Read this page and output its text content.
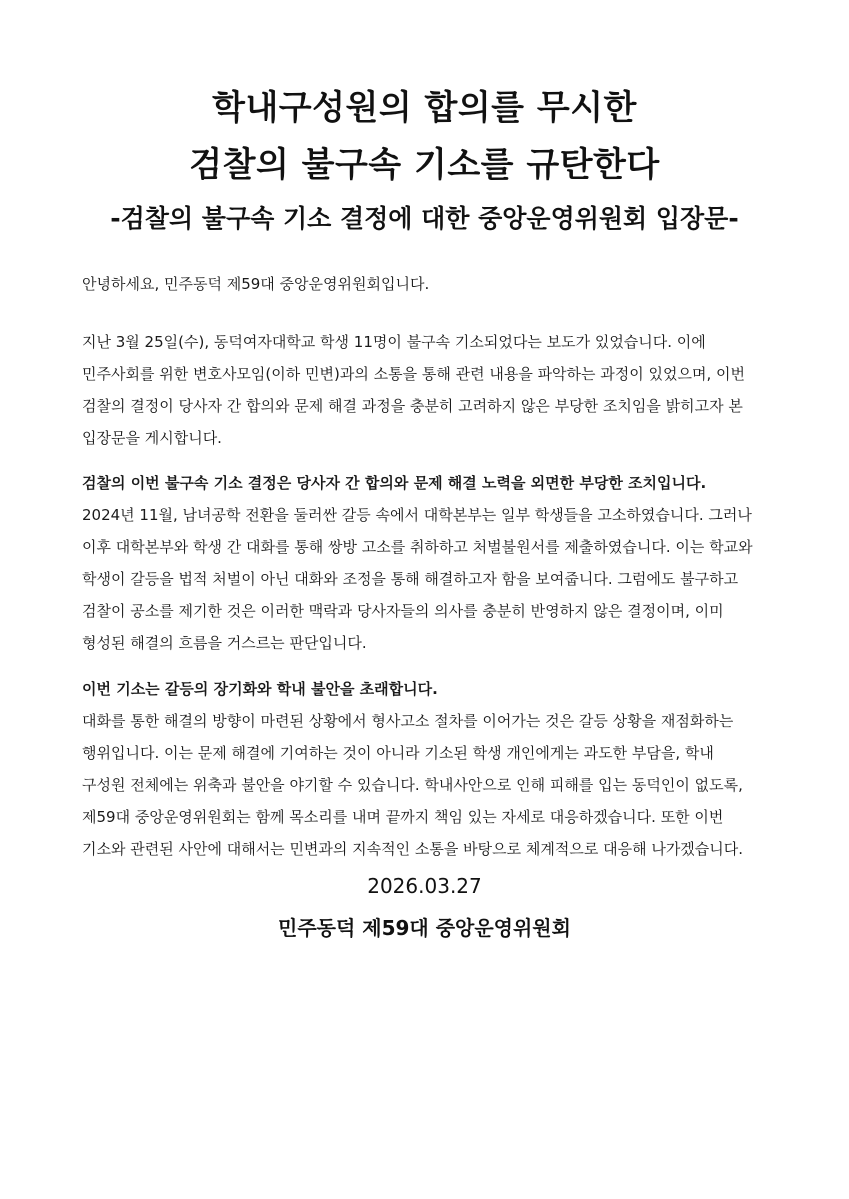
학내구성원의 합의를 무시한
검찰의 불구속 기소를 규탄한다
-검찰의 불구속 기소 결정에 대한 중앙운영위원회 입장문-
안녕하세요, 민주동덕 제59대 중앙운영위원회입니다.
지난 3월 25일(수), 동덕여자대학교 학생 11명이 불구속 기소되었다는 보도가 있었습니다. 이에
민주사회를 위한 변호사모임(이하 민변)과의 소통을 통해 관련 내용을 파악하는 과정이 있었으며, 이번
검찰의 결정이 당사자 간 합의와 문제 해결 과정을 충분히 고려하지 않은 부당한 조치임을 밝히고자 본
입장문을 게시합니다.
검찰의 이번 불구속 기소 결정은 당사자 간 합의와 문제 해결 노력을 외면한 부당한 조치입니다.
2024년 11월, 남녀공학 전환을 둘러싼 갈등 속에서 대학본부는 일부 학생들을 고소하였습니다. 그러나
이후 대학본부와 학생 간 대화를 통해 쌍방 고소를 취하하고 처벌불원서를 제출하였습니다. 이는 학교와
학생이 갈등을 법적 처벌이 아닌 대화와 조정을 통해 해결하고자 함을 보여줍니다. 그럼에도 불구하고
검찰이 공소를 제기한 것은 이러한 맥락과 당사자들의 의사를 충분히 반영하지 않은 결정이며, 이미
형성된 해결의 흐름을 거스르는 판단입니다.
이번 기소는 갈등의 장기화와 학내 불안을 초래합니다.
대화를 통한 해결의 방향이 마련된 상황에서 형사고소 절차를 이어가는 것은 갈등 상황을 재점화하는
행위입니다. 이는 문제 해결에 기여하는 것이 아니라 기소된 학생 개인에게는 과도한 부담을, 학내
구성원 전체에는 위축과 불안을 야기할 수 있습니다. 학내사안으로 인해 피해를 입는 동덕인이 없도록,
제59대 중앙운영위원회는 함께 목소리를 내며 끝까지 책임 있는 자세로 대응하겠습니다. 또한 이번
기소와 관련된 사안에 대해서는 민변과의 지속적인 소통을 바탕으로 체계적으로 대응해 나가겠습니다.
2026.03.27
민주동덕 제59대 중앙운영위원회
